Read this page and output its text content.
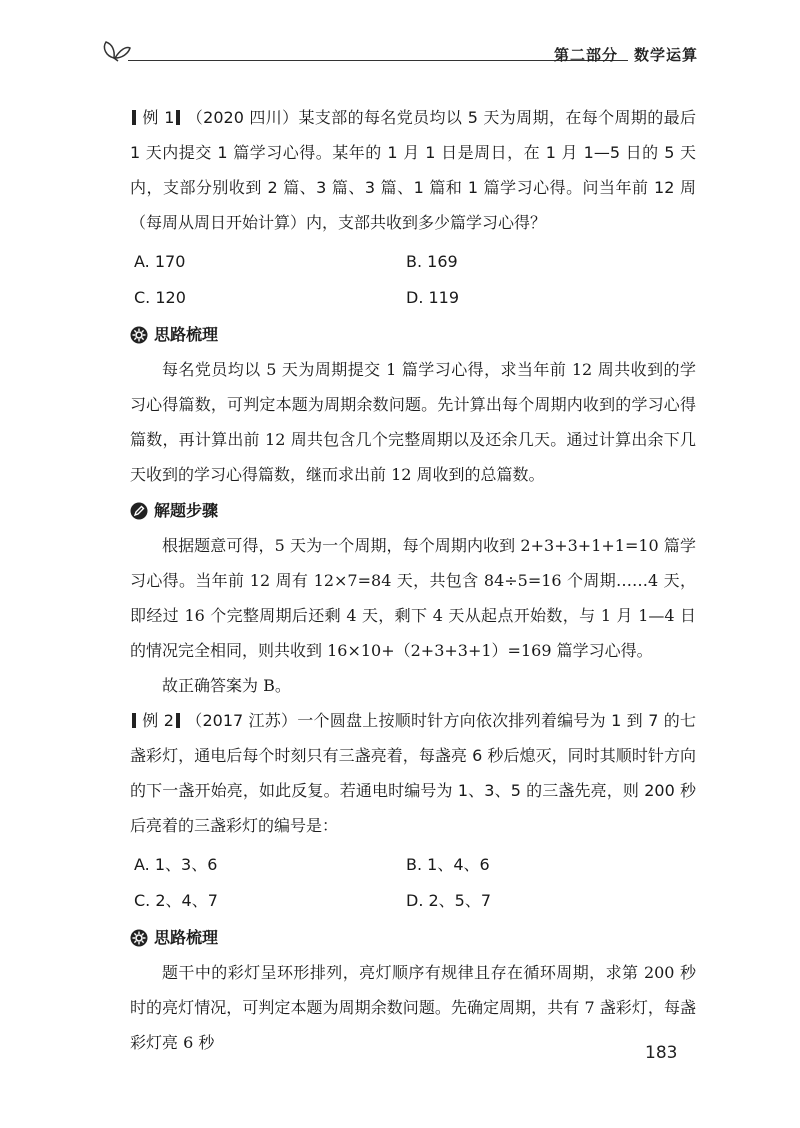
第二部分　数学运算

例 1 （2020 四川）某支部的每名党员均以 5 天为周期，在每个周期的最后 1 天内提交 1 篇学习心得。某年的 1 月 1 日是周日，在 1 月 1—5 日的 5 天内，支部分别收到 2 篇、3 篇、3 篇、1 篇和 1 篇学习心得。问当年前 12 周（每周从周日开始计算）内，支部共收到多少篇学习心得？

A. 170	B. 169
C. 120	D. 119
思路梳理

每名党员均以 5 天为周期提交 1 篇学习心得，求当年前 12 周共收到的学习心得篇数，可判定本题为周期余数问题。先计算出每个周期内收到的学习心得篇数，再计算出前 12 周共包含几个完整周期以及还余几天。通过计算出余下几天收到的学习心得篇数，继而求出前 12 周收到的总篇数。

解题步骤

根据题意可得，5 天为一个周期，每个周期内收到 2+3+3+1+1=10 篇学习心得。当年前 12 周有 12×7=84 天，共包含 84÷5=16 个周期……4 天，即经过 16 个完整周期后还剩 4 天，剩下 4 天从起点开始数，与 1 月 1—4 日的情况完全相同，则共收到 16×10+（2+3+3+1）=169 篇学习心得。

故正确答案为 B。

例 2 （2017 江苏）一个圆盘上按顺时针方向依次排列着编号为 1 到 7 的七盏彩灯，通电后每个时刻只有三盏亮着，每盏亮 6 秒后熄灭，同时其顺时针方向的下一盏开始亮，如此反复。若通电时编号为 1、3、5 的三盏先亮，则 200 秒后亮着的三盏彩灯的编号是：

A. 1、3、6	B. 1、4、6
C. 2、4、7	D. 2、5、7
思路梳理

题干中的彩灯呈环形排列，亮灯顺序有规律且存在循环周期，求第 200 秒时的亮灯情况，可判定本题为周期余数问题。先确定周期，共有 7 盏彩灯，每盏彩灯亮 6 秒

183
